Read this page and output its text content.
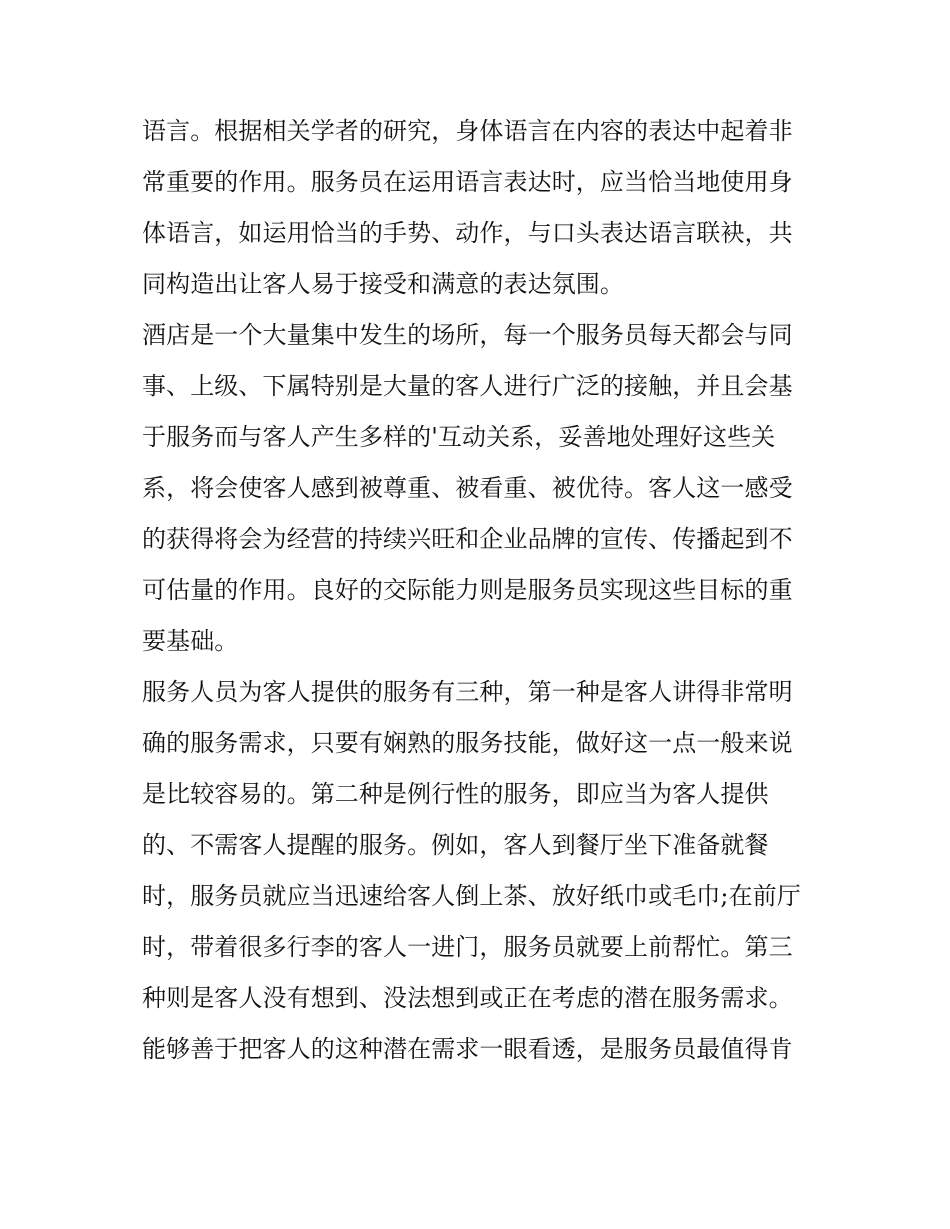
语言。根据相关学者的研究，身体语言在内容的表达中起着非常重要的作用。服务员在运用语言表达时，应当恰当地使用身体语言，如运用恰当的手势、动作，与口头表达语言联袂，共同构造出让客人易于接受和满意的表达氛围。

酒店是一个大量集中发生的场所，每一个服务员每天都会与同事、上级、下属特别是大量的客人进行广泛的接触，并且会基于服务而与客人产生多样的'互动关系，妥善地处理好这些关系，将会使客人感到被尊重、被看重、被优待。客人这一感受的获得将会为经营的持续兴旺和企业品牌的宣传、传播起到不可估量的作用。良好的交际能力则是服务员实现这些目标的重要基础。

服务人员为客人提供的服务有三种，第一种是客人讲得非常明确的服务需求，只要有娴熟的服务技能，做好这一点一般来说是比较容易的。第二种是例行性的服务，即应当为客人提供的、不需客人提醒的服务。例如，客人到餐厅坐下准备就餐时，服务员就应当迅速给客人倒上茶、放好纸巾或毛巾;在前厅时，带着很多行李的客人一进门，服务员就要上前帮忙。第三种则是客人没有想到、没法想到或正在考虑的潜在服务需求。

能够善于把客人的这种潜在需求一眼看透，是服务员最值得肯
